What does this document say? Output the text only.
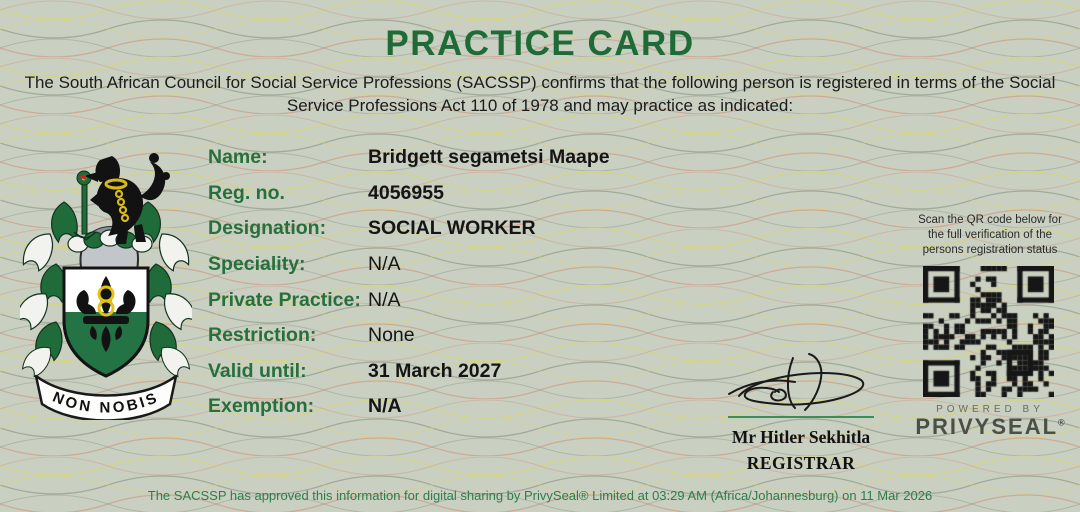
PRACTICE CARD

The South African Council for Social Service Professions (SACSSP) confirms that the following person is registered in terms of the Social
Service Professions Act 110 of 1978 and may practice as indicated:

NON NOBIS
Name:	Bridgett segametsi Maape
Reg. no.	4056955
Designation:	SOCIAL WORKER
Speciality:	N/A
Private Practice: N/A
Restriction:	None
Valid until:	31 March 2027
Exemption:	N/A
Scan the QR code below for the full verification of the persons registration status
POWERED BY
PRIVYSEAL®
Mr Hitler Sekhitla
REGISTRAR
The SACSSP has approved this information for digital sharing by PrivySeal® Limited at 03:29 AM (Africa/Johannesburg) on 11 Mar 2026
